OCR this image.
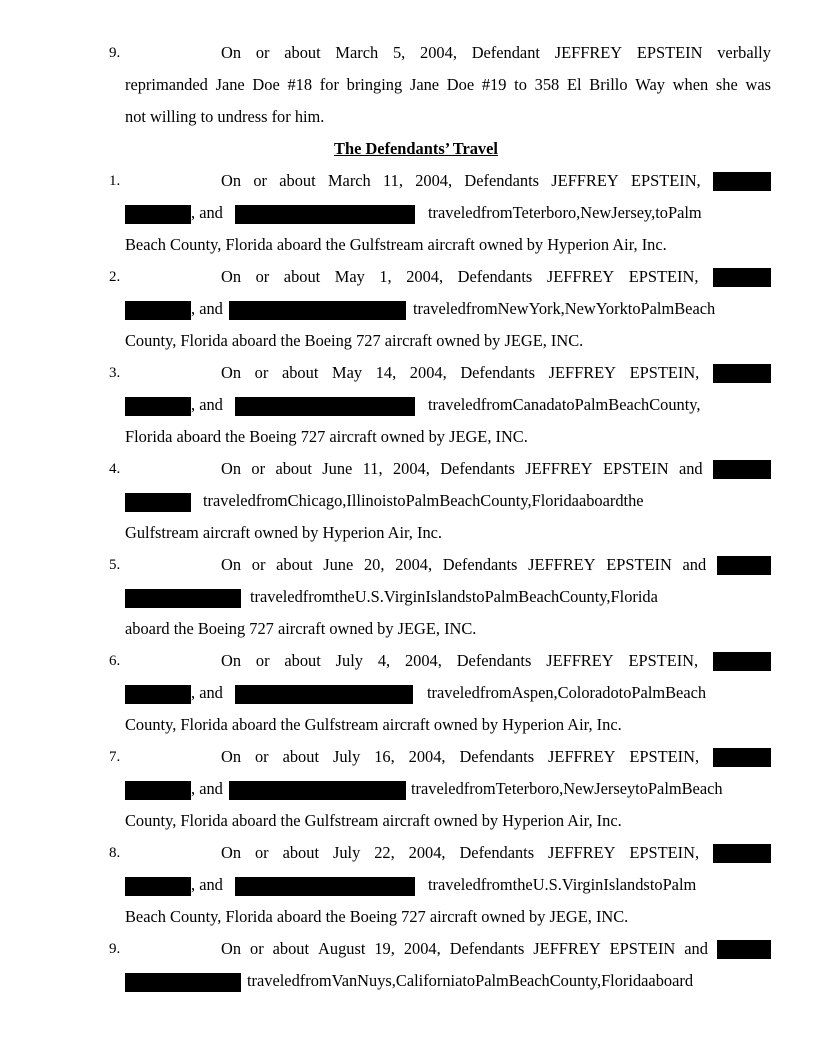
9.	On or about March 5, 2004, Defendant JEFFREY EPSTEIN verbally
reprimanded Jane Doe #18 for bringing Jane Doe #19 to 358 El Brillo Way when she was
not willing to undress for him.
The Defendants’ Travel
1.	On or about March 11, 2004, Defendants JEFFREY EPSTEIN,
, and	traveledfromTeterboro,NewJersey,toPalm
Beach County, Florida aboard the Gulfstream aircraft owned by Hyperion Air, Inc.
2.	On or about May 1, 2004, Defendants JEFFREY EPSTEIN,
, and	traveledfromNewYork,NewYorktoPalmBeach
County, Florida aboard the Boeing 727 aircraft owned by JEGE, INC.
3.	On or about May 14, 2004, Defendants JEFFREY EPSTEIN,
, and	traveledfromCanadatoPalmBeachCounty,
Florida aboard the Boeing 727 aircraft owned by JEGE, INC.
4.	On or about June 11, 2004, Defendants JEFFREY EPSTEIN and
traveledfromChicago,IllinoistoPalmBeachCounty,Floridaaboardthe
Gulfstream aircraft owned by Hyperion Air, Inc.
5.	On or about June 20, 2004, Defendants JEFFREY EPSTEIN and
traveledfromtheU.S.VirginIslandstoPalmBeachCounty,Florida
aboard the Boeing 727 aircraft owned by JEGE, INC.
6.	On or about July 4, 2004, Defendants JEFFREY EPSTEIN,
, and	traveledfromAspen,ColoradotoPalmBeach
County, Florida aboard the Gulfstream aircraft owned by Hyperion Air, Inc.
7.	On or about July 16, 2004, Defendants JEFFREY EPSTEIN,
, and	traveledfromTeterboro,NewJerseytoPalmBeach
County, Florida aboard the Gulfstream aircraft owned by Hyperion Air, Inc.
8.	On or about July 22, 2004, Defendants JEFFREY EPSTEIN,
, and	traveledfromtheU.S.VirginIslandstoPalm
Beach County, Florida aboard the Boeing 727 aircraft owned by JEGE, INC.
9.	On or about August 19, 2004, Defendants JEFFREY EPSTEIN and
traveledfromVanNuys,CaliforniatoPalmBeachCounty,Floridaaboard
